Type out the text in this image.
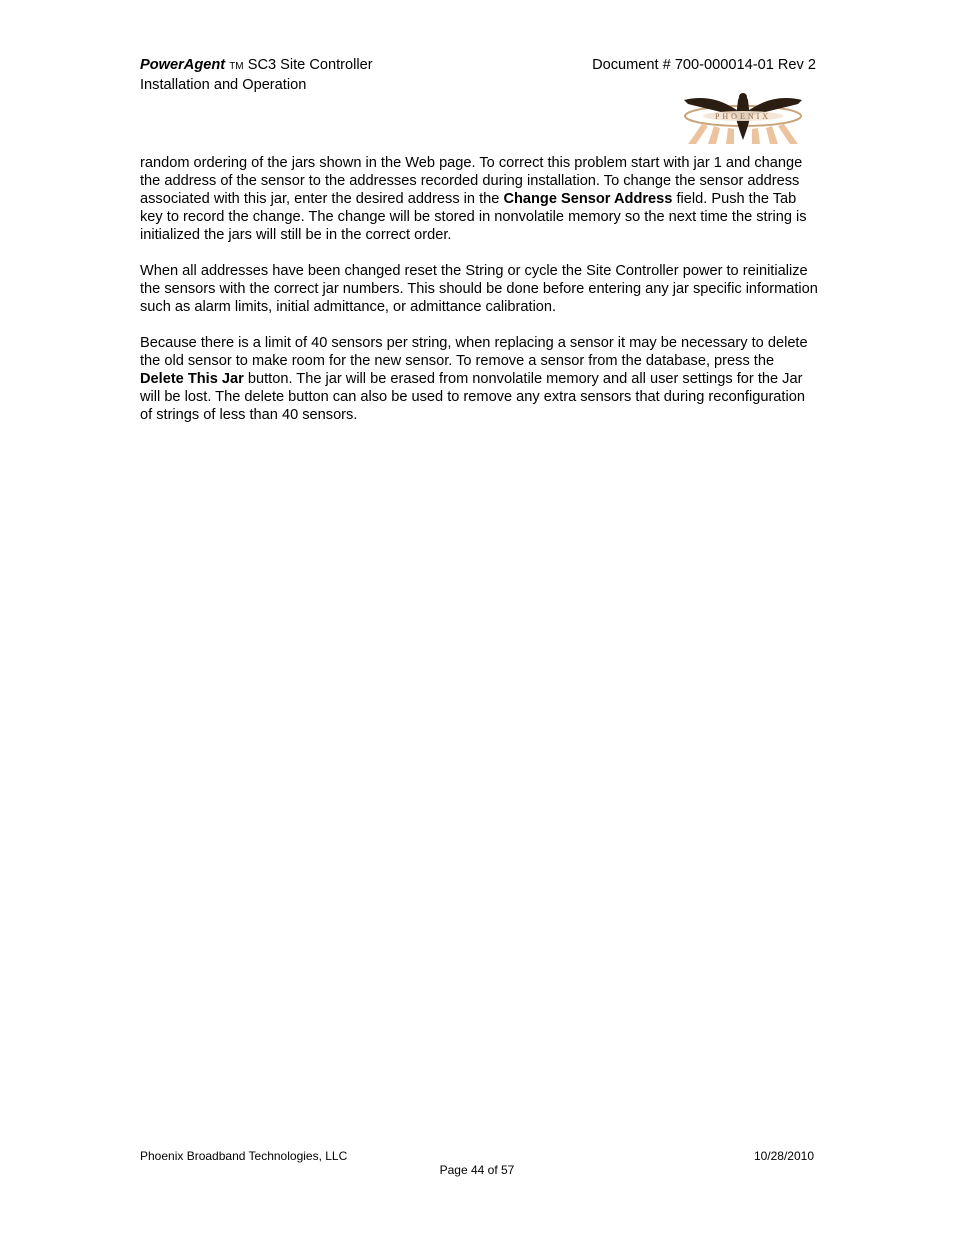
PowerAgent TM SC3 Site Controller
Installation and Operation
Document # 700-000014-01 Rev 2
PHOENIX

random ordering of the jars shown in the Web page. To correct this problem start with jar 1 and change the address of the sensor to the addresses recorded during installation. To change the sensor address associated with this jar, enter the desired address in the Change Sensor Address field. Push the Tab key to record the change. The change will be stored in nonvolatile memory so the next time the string is initialized the jars will still be in the correct order.

When all addresses have been changed reset the String or cycle the Site Controller power to reinitialize the sensors with the correct jar numbers. This should be done before entering any jar specific information such as alarm limits, initial admittance, or admittance calibration.

Because there is a limit of 40 sensors per string, when replacing a sensor it may be necessary to delete the old sensor to make room for the new sensor. To remove a sensor from the database, press the Delete This Jar button. The jar will be erased from nonvolatile memory and all user settings for the Jar will be lost. The delete button can also be used to remove any extra sensors that during reconfiguration of strings of less than 40 sensors.

Phoenix Broadband Technologies, LLC	10/28/2010
Page 44 of 57
